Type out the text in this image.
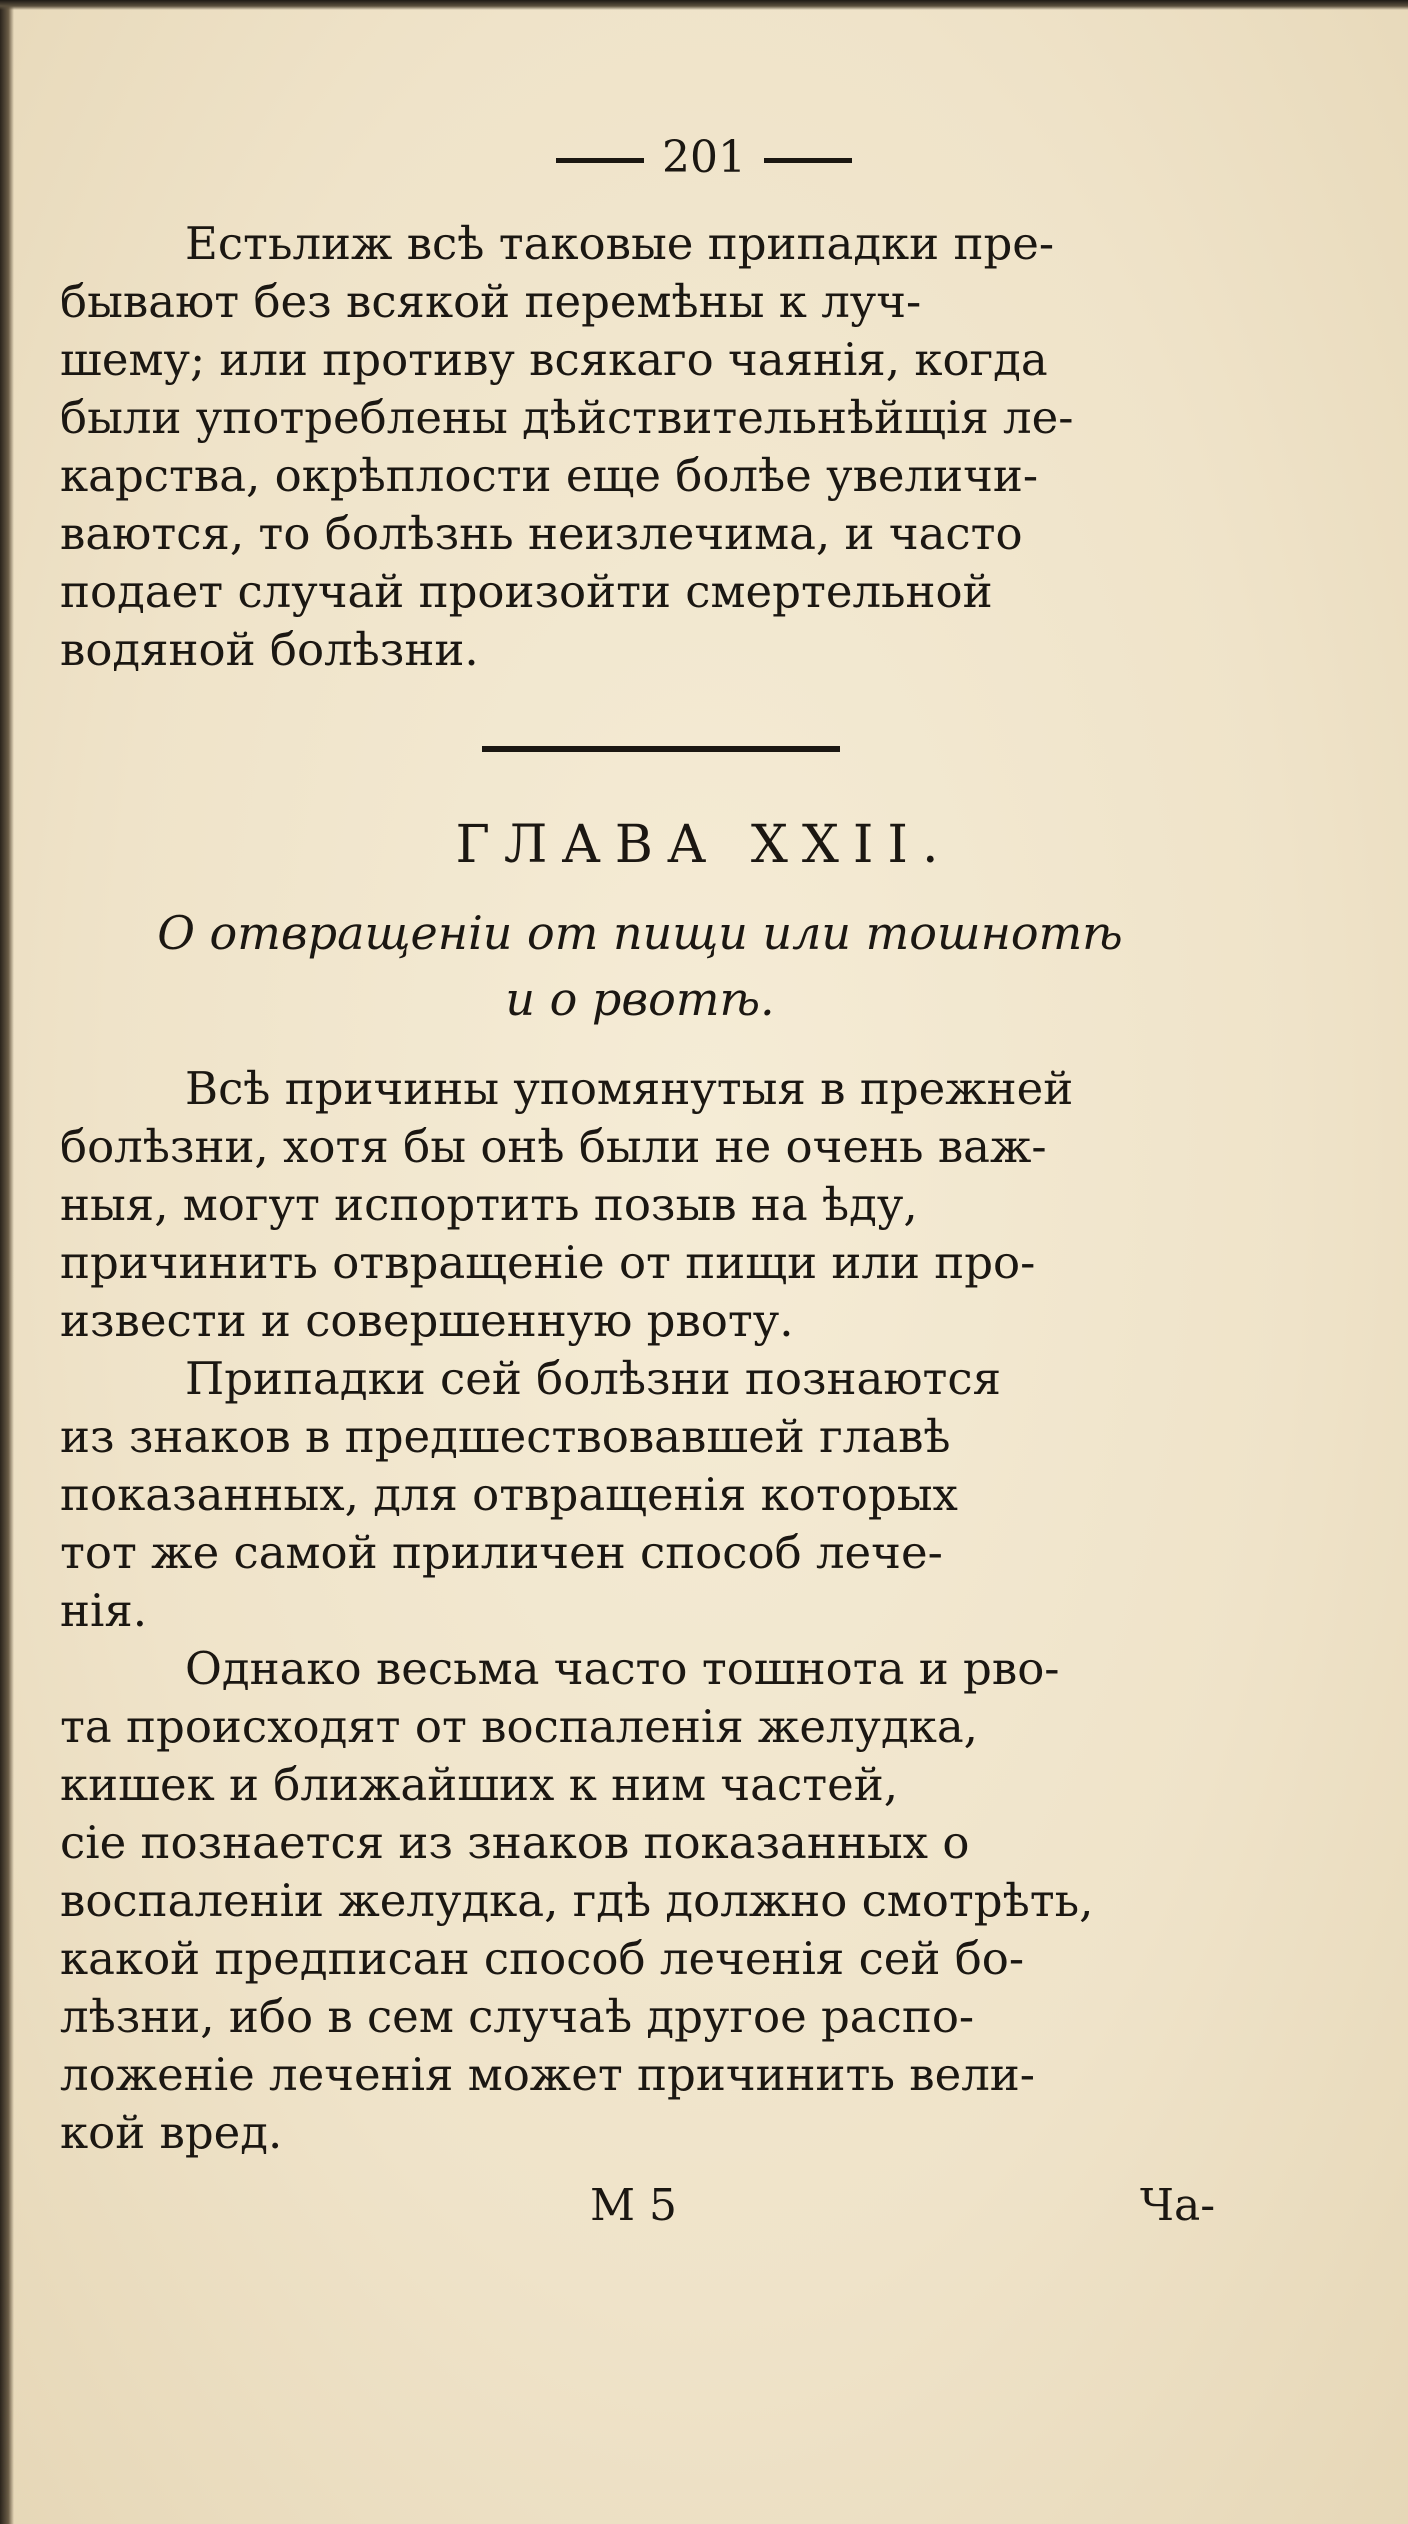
201
Естьлиж всѣ таковые припадки пре-
бывают без всякой перемѣны к луч-
шему; или противу всякаго чаянія, когда
были употреблены дѣйствительнѣйщія ле-
карства, окрѣплости еще болѣе увеличи-
ваются, то болѣзнь неизлечима, и часто
подает случай произойти смертельной
водяной болѣзни.
ГЛАВА XXII.
О отвращеніи от пищи или тошнотѣ
и о рвотѣ.
Всѣ причины упомянутыя в прежней
болѣзни, хотя бы онѣ были не очень важ-
ныя, могут испортить позыв на ѣду,
причинить отвращеніе от пищи или про-
извести и совершенную рвоту.
Припадки сей болѣзни познаются
из знаков в предшествовавшей главѣ
показанных, для отвращенія которых
тот же самой приличен способ лече-
нія.
Однако весьма часто тошнота и рво-
та происходят от воспаленія желудка,
кишек и ближайших к ним частей,
сіе познается из знаков показанных о
воспаленіи желудка, гдѣ должно смотрѣть,
какой предписан способ леченія сей бо-
лѣзни, ибо в сем случаѣ другое распо-
ложеніе леченія может причинить вели-
кой вред.
M 5	Ча-
